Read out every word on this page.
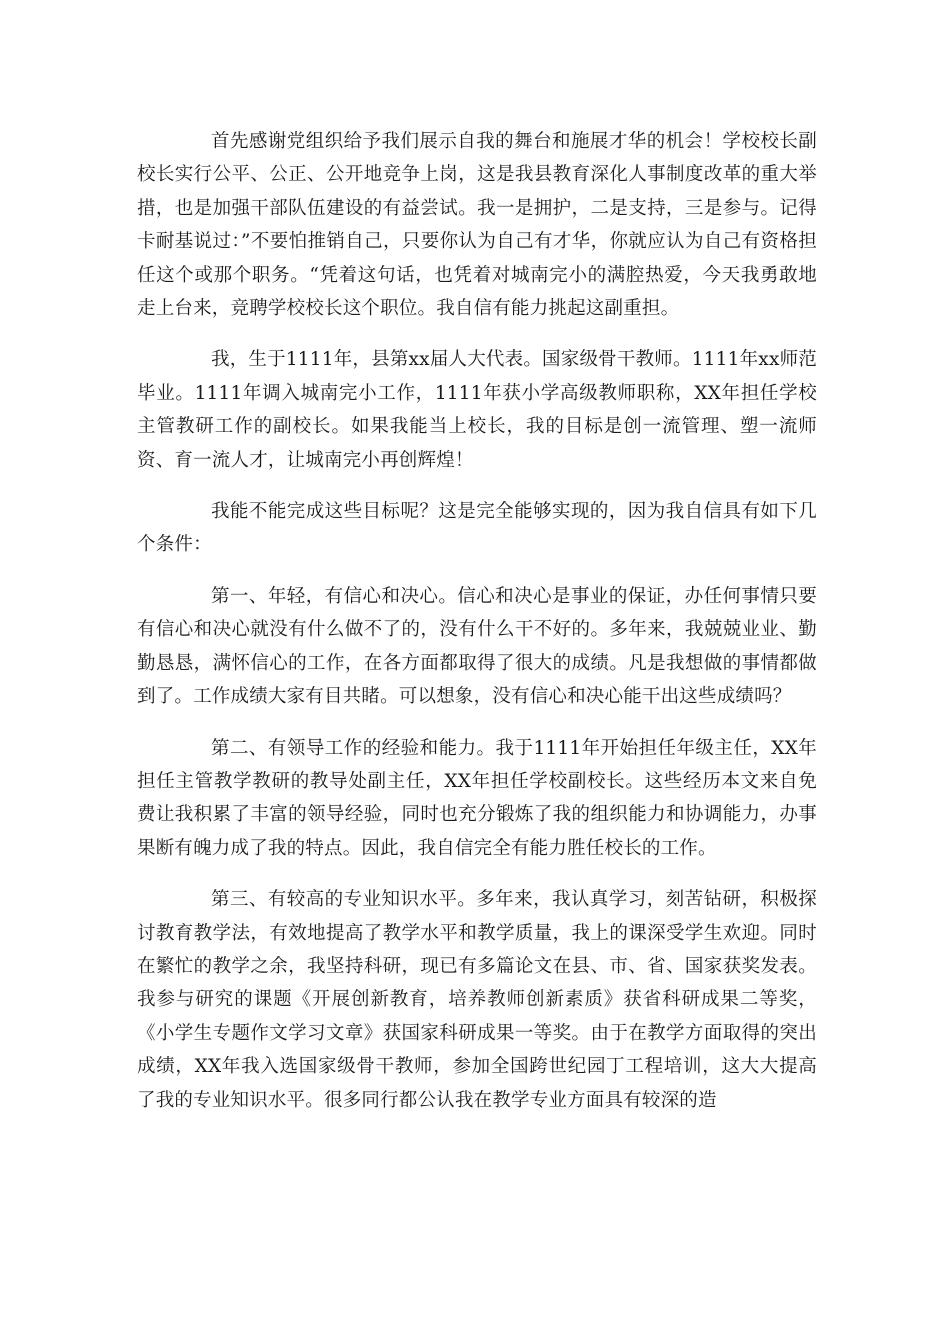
首先感谢党组织给予我们展示自我的舞台和施展才华的机会！学校校长副校长实行公平、公正、公开地竞争上岗，这是我县教育深化人事制度改革的重大举措，也是加强干部队伍建设的有益尝试。我一是拥护，二是支持，三是参与。记得卡耐基说过：”不要怕推销自己，只要你认为自己有才华，你就应认为自己有资格担任这个或那个职务。“凭着这句话，也凭着对城南完小的满腔热爱，今天我勇敢地走上台来，竞聘学校校长这个职位。我自信有能力挑起这副重担。

我，生于1111年，县第xx届人大代表。国家级骨干教师。1111年xx师范毕业。1111年调入城南完小工作，1111年获小学高级教师职称，XX年担任学校主管教研工作的副校长。如果我能当上校长，我的目标是创一流管理、塑一流师资、育一流人才，让城南完小再创辉煌！

我能不能完成这些目标呢？这是完全能够实现的，因为我自信具有如下几个条件：

第一、年轻，有信心和决心。信心和决心是事业的保证，办任何事情只要有信心和决心就没有什么做不了的，没有什么干不好的。多年来，我兢兢业业、勤勤恳恳，满怀信心的工作，在各方面都取得了很大的成绩。凡是我想做的事情都做到了。工作成绩大家有目共睹。可以想象，没有信心和决心能干出这些成绩吗？

第二、有领导工作的经验和能力。我于1111年开始担任年级主任，XX年担任主管教学教研的教导处副主任，XX年担任学校副校长。这些经历本文来自免费让我积累了丰富的领导经验，同时也充分锻炼了我的组织能力和协调能力，办事果断有魄力成了我的特点。因此，我自信完全有能力胜任校长的工作。

第三、有较高的专业知识水平。多年来，我认真学习，刻苦钻研，积极探讨教育教学法，有效地提高了教学水平和教学质量，我上的课深受学生欢迎。同时在繁忙的教学之余，我坚持科研，现已有多篇论文在县、市、省、国家获奖发表。我参与研究的课题《开展创新教育，培养教师创新素质》获省科研成果二等奖，《小学生专题作文学习文章》获国家科研成果一等奖。由于在教学方面取得的突出成绩，XX年我入选国家级骨干教师，参加全国跨世纪园丁工程培训，这大大提高了我的专业知识水平。很多同行都公认我在教学专业方面具有较深的造
